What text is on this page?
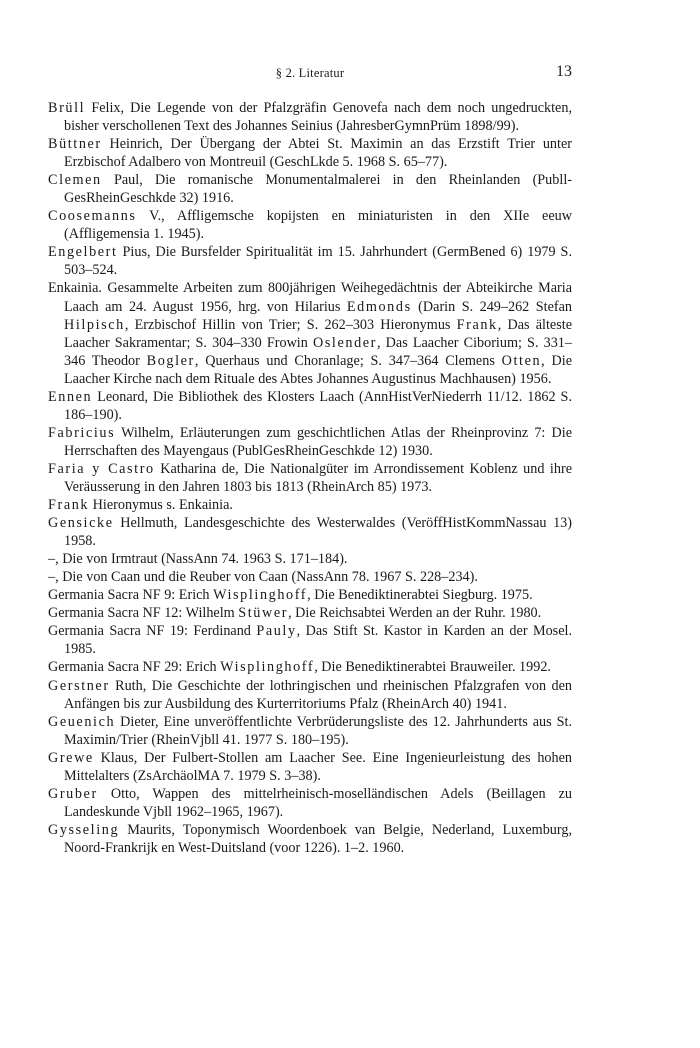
§ 2. Literatur	13
Brüll Felix, Die Legende von der Pfalzgräfin Genovefa nach dem noch ungedruckten, bisher verschollenen Text des Johannes Seinius (JahresberGymnPrüm 1898/99).
Büttner Heinrich, Der Übergang der Abtei St. Maximin an das Erzstift Trier unter Erzbischof Adalbero von Montreuil (GeschLkde 5. 1968 S. 65–77).
Clemen Paul, Die romanische Monumentalmalerei in den Rheinlanden (PubllGesRheinGeschkde 32) 1916.
Coosemanns V., Affligemsche kopijsten en miniaturisten in den XIIe eeuw (Affligemensia 1. 1945).
Engelbert Pius, Die Bursfelder Spiritualität im 15. Jahrhundert (GermBened 6) 1979 S. 503–524.
Enkainia. Gesammelte Arbeiten zum 800jährigen Weihegedächtnis der Abteikirche Maria Laach am 24. August 1956, hrg. von Hilarius Edmonds (Darin S. 249–262 Stefan Hilpisch, Erzbischof Hillin von Trier; S. 262–303 Hieronymus Frank, Das älteste Laacher Sakramentar; S. 304–330 Frowin Oslender, Das Laacher Ciborium; S. 331–346 Theodor Bogler, Querhaus und Choranlage; S. 347–364 Clemens Otten, Die Laacher Kirche nach dem Rituale des Abtes Johannes Augustinus Machhausen) 1956.
Ennen Leonard, Die Bibliothek des Klosters Laach (AnnHistVerNiederrh 11/12. 1862 S. 186–190).
Fabricius Wilhelm, Erläuterungen zum geschichtlichen Atlas der Rheinprovinz 7: Die Herrschaften des Mayengaus (PublGesRheinGeschkde 12) 1930.
Faria y Castro Katharina de, Die Nationalgüter im Arrondissement Koblenz und ihre Veräusserung in den Jahren 1803 bis 1813 (RheinArch 85) 1973.
Frank Hieronymus s. Enkainia.
Gensicke Hellmuth, Landesgeschichte des Westerwaldes (VeröffHistKommNassau 13) 1958.
–, Die von Irmtraut (NassAnn 74. 1963 S. 171–184).
–, Die von Caan und die Reuber von Caan (NassAnn 78. 1967 S. 228–234).
Germania Sacra NF 9: Erich Wisplinghoff, Die Benediktinerabtei Siegburg. 1975.
Germania Sacra NF 12: Wilhelm Stüwer, Die Reichsabtei Werden an der Ruhr. 1980.
Germania Sacra NF 19: Ferdinand Pauly, Das Stift St. Kastor in Karden an der Mosel. 1985.
Germania Sacra NF 29: Erich Wisplinghoff, Die Benediktinerabtei Brauweiler. 1992.
Gerstner Ruth, Die Geschichte der lothringischen und rheinischen Pfalzgrafen von den Anfängen bis zur Ausbildung des Kurterritoriums Pfalz (RheinArch 40) 1941.
Geuenich Dieter, Eine unveröffentlichte Verbrüderungsliste des 12. Jahrhunderts aus St. Maximin/Trier (RheinVjbll 41. 1977 S. 180–195).
Grewe Klaus, Der Fulbert-Stollen am Laacher See. Eine Ingenieurleistung des hohen Mittelalters (ZsArchäolMA 7. 1979 S. 3–38).
Gruber Otto, Wappen des mittelrheinisch-moselländischen Adels (Beillagen zu Landeskunde Vjbll 1962–1965, 1967).
Gysseling Maurits, Toponymisch Woordenboek van Belgie, Nederland, Luxemburg, Noord-Frankrijk en West-Duitsland (voor 1226). 1–2. 1960.
